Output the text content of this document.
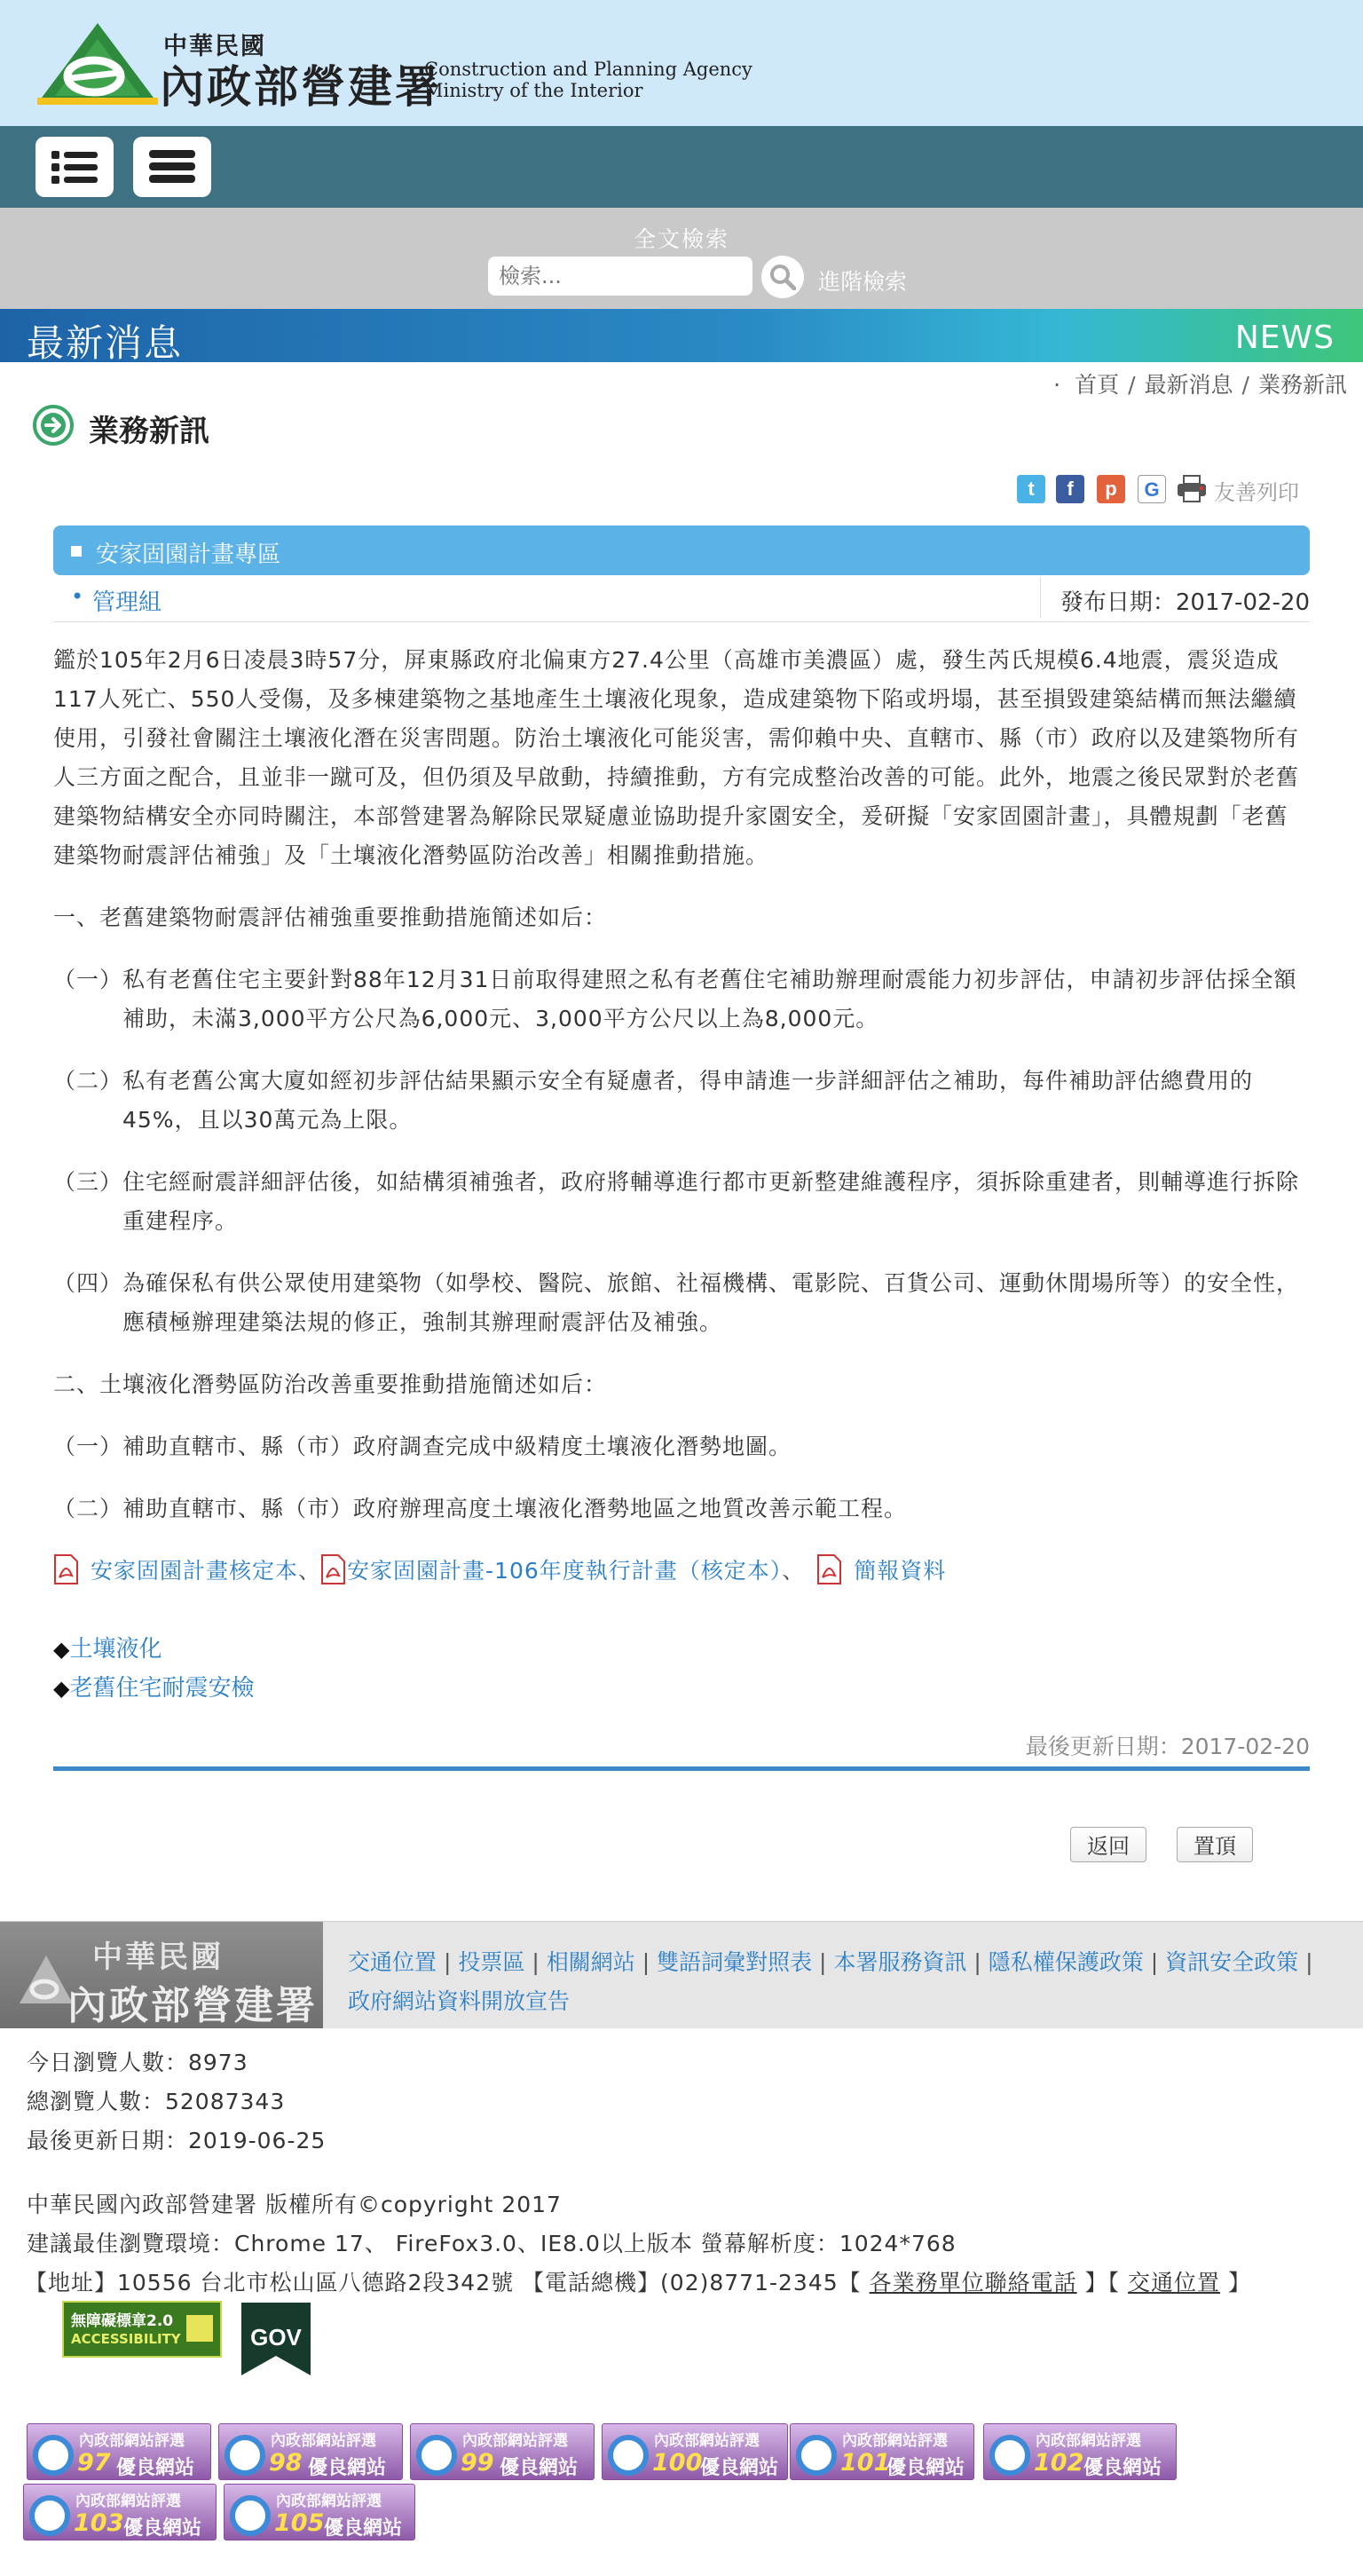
中華民國
內政部營建署
Construction and Planning Agency
Ministry of the Interior
全文檢索
檢索...
進階檢索
最新消息	NEWS
· 首頁 / 最新消息 / 業務新訊
業務新訊
t	f	p	G	友善列印
安家固園計畫專區
• 管理組	發布日期：2017-02-20

鑑於105年2月6日凌晨3時57分，屏東縣政府北偏東方27.4公里（高雄市美濃區）處，發生芮氏規模6.4地震，震災造成117人死亡、550人受傷，及多棟建築物之基地產生土壤液化現象，造成建築物下陷或坍塌，甚至損毀建築結構而無法繼續使用，引發社會關注土壤液化潛在災害問題。防治土壤液化可能災害，需仰賴中央、直轄市、縣（市）政府以及建築物所有人三方面之配合，且並非一蹴可及，但仍須及早啟動，持續推動，方有完成整治改善的可能。此外，地震之後民眾對於老舊建築物結構安全亦同時關注，本部營建署為解除民眾疑慮並協助提升家園安全，爰研擬「安家固園計畫」，具體規劃「老舊建築物耐震評估補強」及「土壤液化潛勢區防治改善」相關推動措施。

一、老舊建築物耐震評估補強重要推動措施簡述如后：

（一）私有老舊住宅主要針對88年12月31日前取得建照之私有老舊住宅補助辦理耐震能力初步評估，申請初步評估採全額補助，未滿3,000平方公尺為6,000元、3,000平方公尺以上為8,000元。

（二）私有老舊公寓大廈如經初步評估結果顯示安全有疑慮者，得申請進一步詳細評估之補助，每件補助評估總費用的45%，且以30萬元為上限。

（三）住宅經耐震詳細評估後，如結構須補強者，政府將輔導進行都市更新整建維護程序，須拆除重建者，則輔導進行拆除重建程序。

（四）為確保私有供公眾使用建築物（如學校、醫院、旅館、社福機構、電影院、百貨公司、運動休閒場所等）的安全性，應積極辦理建築法規的修正，強制其辦理耐震評估及補強。

二、土壤液化潛勢區防治改善重要推動措施簡述如后：

（一）補助直轄市、縣（市）政府調查完成中級精度土壤液化潛勢地圖。

（二）補助直轄市、縣（市）政府辦理高度土壤液化潛勢地區之地質改善示範工程。

安家固園計畫核定本、 安家固園計畫-106年度執行計畫（核定本）、 簡報資料
◆土壤液化
◆老舊住宅耐震安檢
最後更新日期：2017-02-20
返回	置頂
中華民國
內政部營建署
交通位置 | 投票區 | 相關網站 | 雙語詞彙對照表 | 本署服務資訊 | 隱私權保護政策 | 資訊安全政策 |
政府網站資料開放宣告
今日瀏覽人數：8973
總瀏覽人數：52087343
最後更新日期：2019-06-25
中華民國內政部營建署 版權所有©copyright 2017
建議最佳瀏覽環境：Chrome 17、 FireFox3.0、IE8.0以上版本 螢幕解析度：1024*768
【地址】10556 台北市松山區八德路2段342號 【電話總機】(02)8771-2345【 各業務單位聯絡電話 】【 交通位置 】
無障礙標章2.0
ACCESSIBILITY	GOV
內政部網站評選
97 優良網站
內政部網站評選
98 優良網站
內政部網站評選
99 優良網站
內政部網站評選
100
優良網站
內政部網站評選
101
優良網站
內政部網站評選
102 優良網站
內政部網站評選
103 優良網站
內政部網站評選
105 優良網站
